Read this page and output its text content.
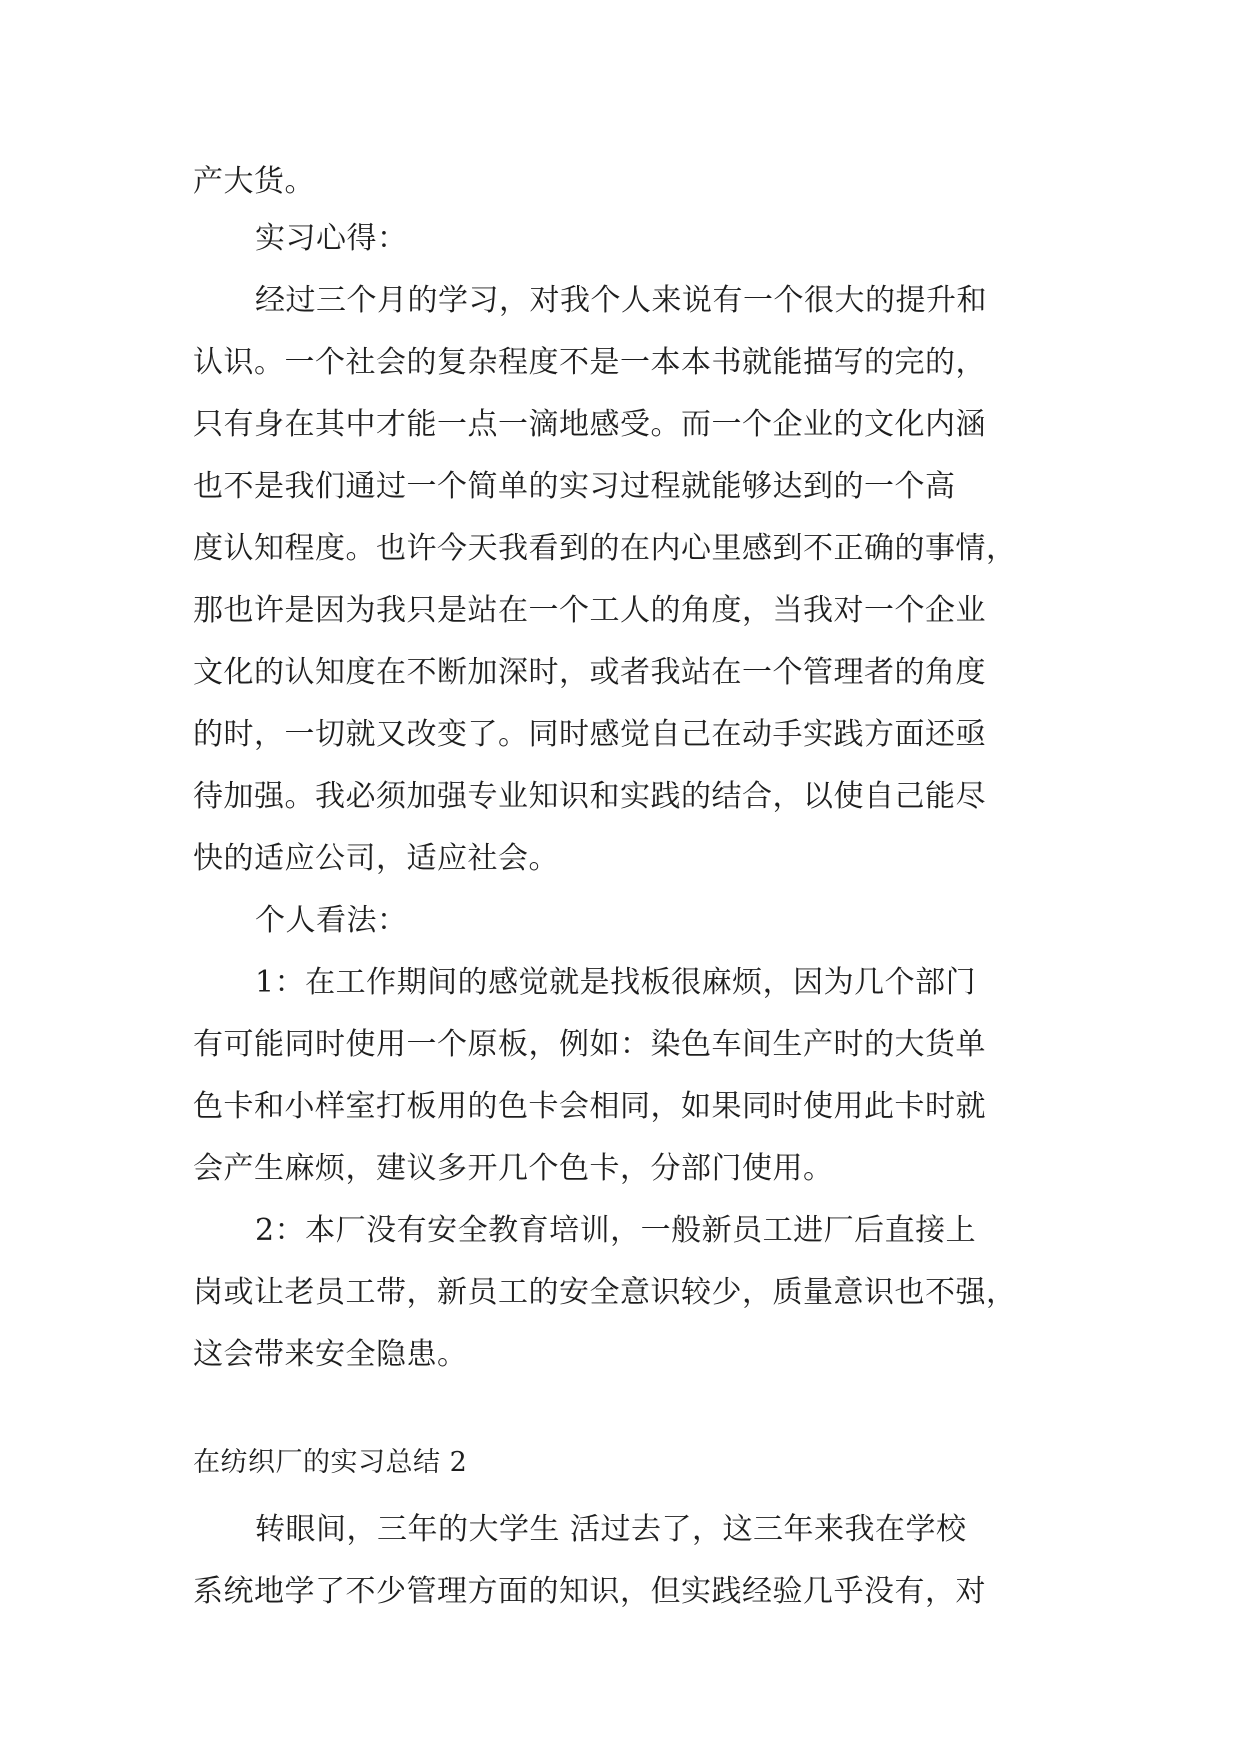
产大货。
实习心得：
经过三个月的学习，对我个人来说有一个很大的提升和
认识。一个社会的复杂程度不是一本本书就能描写的完的，
只有身在其中才能一点一滴地感受。而一个企业的文化内涵
也不是我们通过一个简单的实习过程就能够达到的一个高
度认知程度。也许今天我看到的在内心里感到不正确的事情，
那也许是因为我只是站在一个工人的角度，当我对一个企业
文化的认知度在不断加深时，或者我站在一个管理者的角度
的时，一切就又改变了。同时感觉自己在动手实践方面还亟
待加强。我必须加强专业知识和实践的结合，以使自己能尽
快的适应公司，适应社会。
个人看法：
1：在工作期间的感觉就是找板很麻烦，因为几个部门
有可能同时使用一个原板，例如：染色车间生产时的大货单
色卡和小样室打板用的色卡会相同，如果同时使用此卡时就
会产生麻烦，建议多开几个色卡，分部门使用。
2：本厂没有安全教育培训，一般新员工进厂后直接上
岗或让老员工带，新员工的安全意识较少，质量意识也不强，
这会带来安全隐患。
在纺织厂的实习总结 2
转眼间，三年的大学生 活过去了，这三年来我在学校
系统地学了不少管理方面的知识，但实践经验几乎没有，对
